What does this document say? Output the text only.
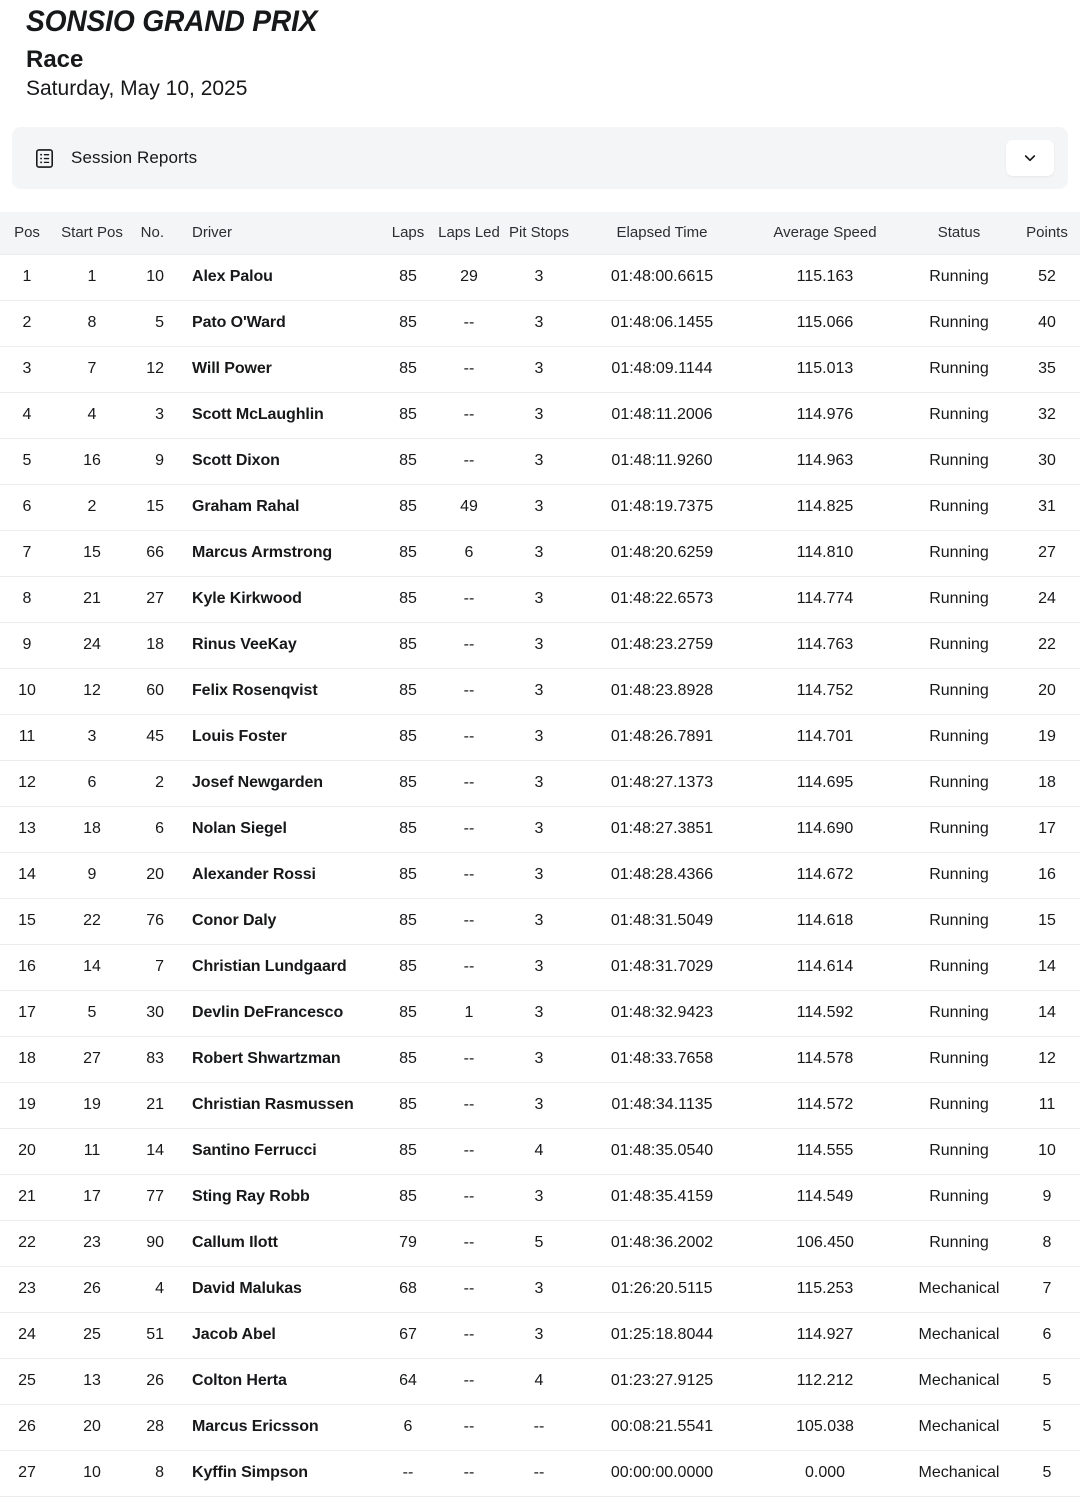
SONSIO GRAND PRIX
Race
Saturday, May 10, 2025
Session Reports
Pos	Start Pos	No.	Driver	Laps	Laps Led	Pit Stops	Elapsed Time	Average Speed	Status	Points
1	1	10	Alex Palou	85	29	3	01:48:00.6615	115.163	Running	52
2	8	5	Pato O'Ward	85	--	3	01:48:06.1455	115.066	Running	40
3	7	12	Will Power	85	--	3	01:48:09.1144	115.013	Running	35
4	4	3	Scott McLaughlin	85	--	3	01:48:11.2006	114.976	Running	32
5	16	9	Scott Dixon	85	--	3	01:48:11.9260	114.963	Running	30
6	2	15	Graham Rahal	85	49	3	01:48:19.7375	114.825	Running	31
7	15	66	Marcus Armstrong	85	6	3	01:48:20.6259	114.810	Running	27
8	21	27	Kyle Kirkwood	85	--	3	01:48:22.6573	114.774	Running	24
9	24	18	Rinus VeeKay	85	--	3	01:48:23.2759	114.763	Running	22
10	12	60	Felix Rosenqvist	85	--	3	01:48:23.8928	114.752	Running	20
11	3	45	Louis Foster	85	--	3	01:48:26.7891	114.701	Running	19
12	6	2	Josef Newgarden	85	--	3	01:48:27.1373	114.695	Running	18
13	18	6	Nolan Siegel	85	--	3	01:48:27.3851	114.690	Running	17
14	9	20	Alexander Rossi	85	--	3	01:48:28.4366	114.672	Running	16
15	22	76	Conor Daly	85	--	3	01:48:31.5049	114.618	Running	15
16	14	7	Christian Lundgaard	85	--	3	01:48:31.7029	114.614	Running	14
17	5	30	Devlin DeFrancesco	85	1	3	01:48:32.9423	114.592	Running	14
18	27	83	Robert Shwartzman	85	--	3	01:48:33.7658	114.578	Running	12
19	19	21	Christian Rasmussen	85	--	3	01:48:34.1135	114.572	Running	11
20	11	14	Santino Ferrucci	85	--	4	01:48:35.0540	114.555	Running	10
21	17	77	Sting Ray Robb	85	--	3	01:48:35.4159	114.549	Running	9
22	23	90	Callum Ilott	79	--	5	01:48:36.2002	106.450	Running	8
23	26	4	David Malukas	68	--	3	01:26:20.5115	115.253	Mechanical	7
24	25	51	Jacob Abel	67	--	3	01:25:18.8044	114.927	Mechanical	6
25	13	26	Colton Herta	64	--	4	01:23:27.9125	112.212	Mechanical	5
26	20	28	Marcus Ericsson	6	--	--	00:08:21.5541	105.038	Mechanical	5
27	10	8	Kyffin Simpson	--	--	--	00:00:00.0000	0.000	Mechanical	5
